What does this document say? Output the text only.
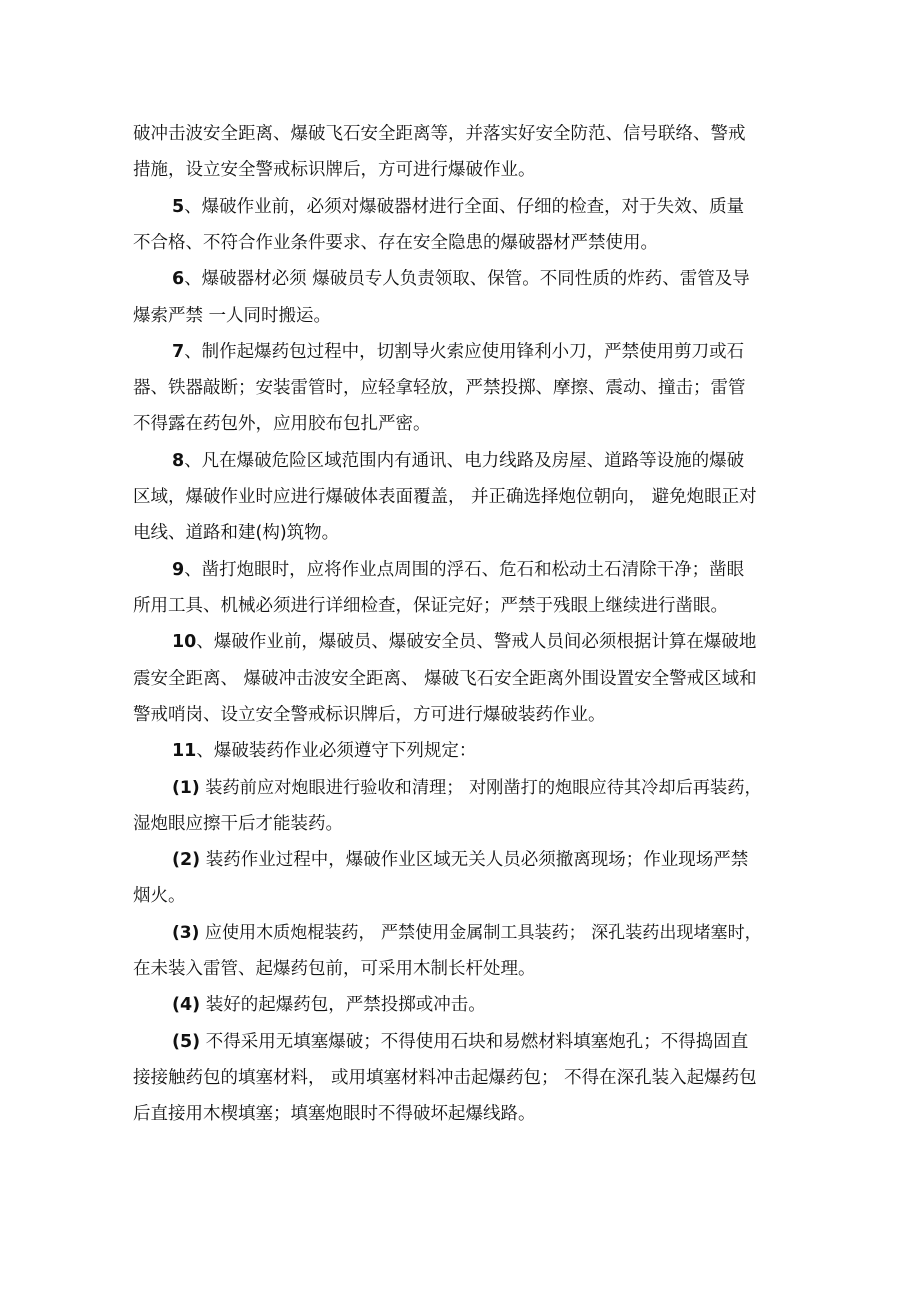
破冲击波安全距离、爆破飞石安全距离等，并落实好安全防范、信号联络、警戒

措施，设立安全警戒标识牌后，方可进行爆破作业。

5、爆破作业前，必须对爆破器材进行全面、仔细的检查，对于失效、质量

不合格、不符合作业条件要求、存在安全隐患的爆破器材严禁使用。

6、爆破器材必须 爆破员专人负责领取、保管。不同性质的炸药、雷管及导

爆索严禁 一人同时搬运。

7、制作起爆药包过程中，切割导火索应使用锋利小刀，严禁使用剪刀或石

器、铁器敲断；安装雷管时，应轻拿轻放，严禁投掷、摩擦、震动、撞击；雷管

不得露在药包外，应用胶布包扎严密。

8、凡在爆破危险区域范围内有通讯、电力线路及房屋、道路等设施的爆破

区域，爆破作业时应进行爆破体表面覆盖， 并正确选择炮位朝向， 避免炮眼正对

电线、道路和建(构)筑物。

9、凿打炮眼时，应将作业点周围的浮石、危石和松动土石清除干净；凿眼

所用工具、机械必须进行详细检查，保证完好；严禁于残眼上继续进行凿眼。

10、爆破作业前，爆破员、爆破安全员、警戒人员间必须根据计算在爆破地

震安全距离、 爆破冲击波安全距离、 爆破飞石安全距离外围设置安全警戒区域和

警戒哨岗、设立安全警戒标识牌后，方可进行爆破装药作业。

11、爆破装药作业必须遵守下列规定：

(1) 装药前应对炮眼进行验收和清理； 对刚凿打的炮眼应待其冷却后再装药，

湿炮眼应擦干后才能装药。

(2) 装药作业过程中，爆破作业区域无关人员必须撤离现场；作业现场严禁

烟火。

(3) 应使用木质炮棍装药， 严禁使用金属制工具装药； 深孔装药出现堵塞时，

在未装入雷管、起爆药包前，可采用木制长杆处理。

(4) 装好的起爆药包，严禁投掷或冲击。

(5) 不得采用无填塞爆破；不得使用石块和易燃材料填塞炮孔；不得捣固直

接接触药包的填塞材料， 或用填塞材料冲击起爆药包； 不得在深孔装入起爆药包

后直接用木楔填塞；填塞炮眼时不得破坏起爆线路。
